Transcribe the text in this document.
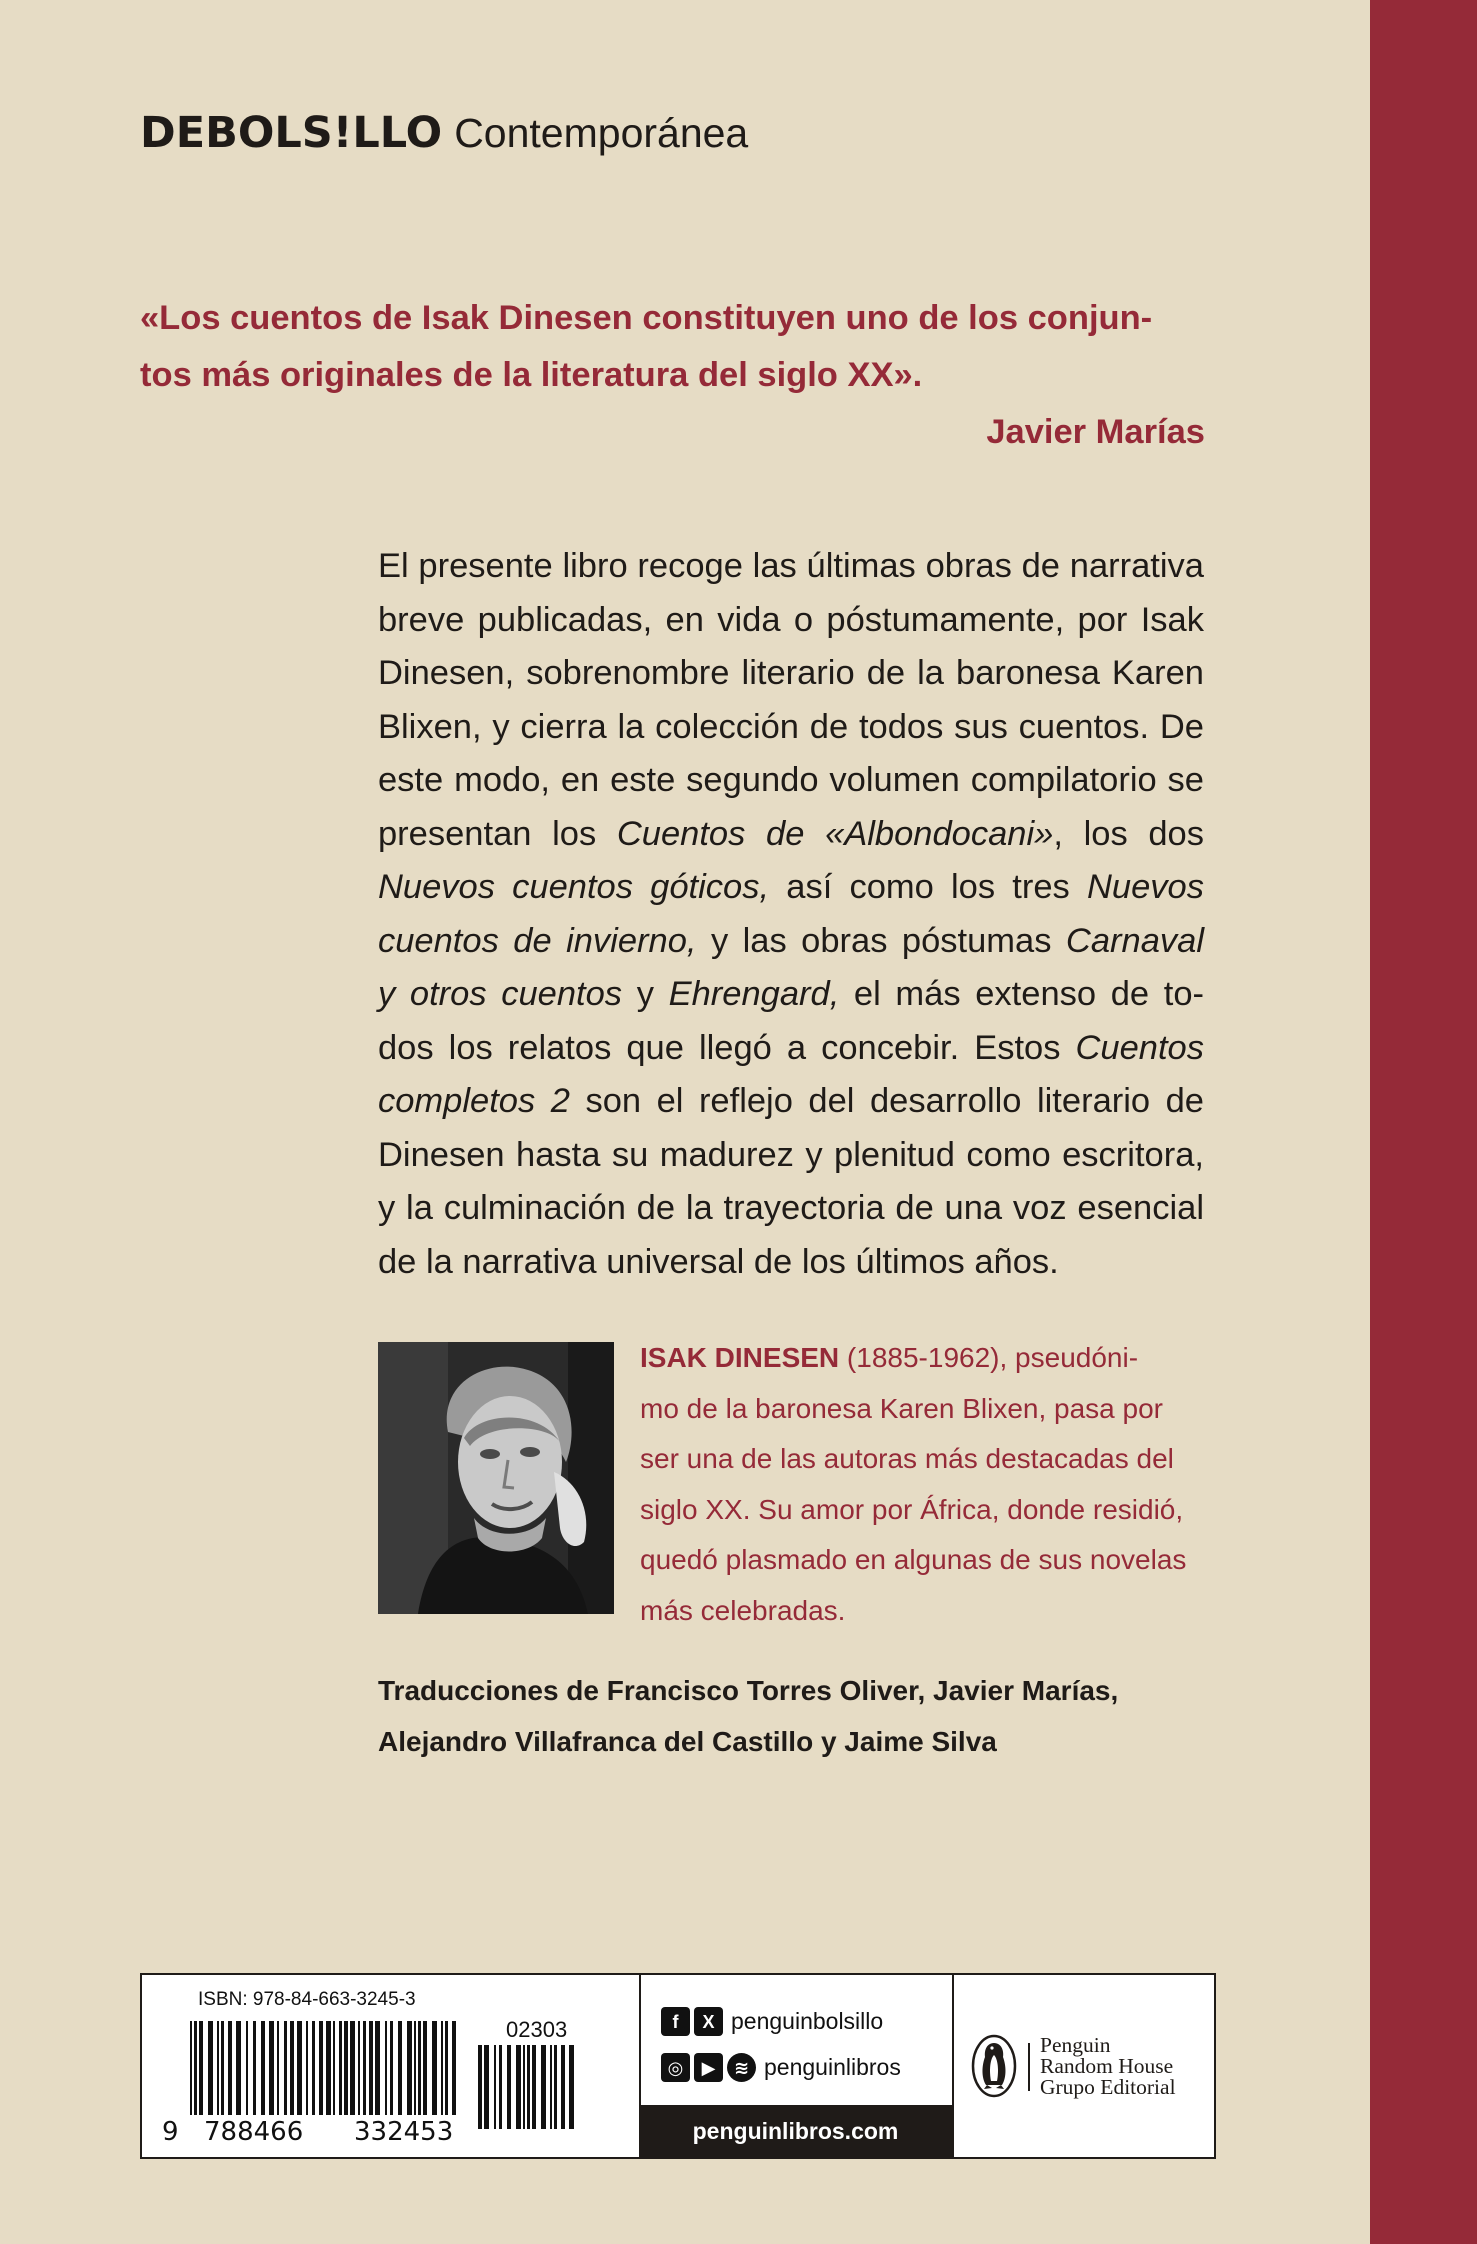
DEBOLS!LLO Contemporánea
«Los cuentos de Isak Dinesen constituyen uno de los conjun-
tos más originales de la literatura del siglo XX».
Javier Marías
El presente libro recoge las últimas obras de narrativa
breve publicadas, en vida o póstumamente, por Isak
Dinesen, sobrenombre literario de la baronesa Karen
Blixen, y cierra la colección de todos sus cuentos. De
este modo, en este segundo volumen compilatorio se
presentan los Cuentos de «Albondocani», los dos
Nuevos cuentos góticos, así como los tres Nuevos
cuentos de invierno, y las obras póstumas Carnaval
y otros cuentos y Ehrengard, el más extenso de to-
dos los relatos que llegó a concebir. Estos Cuentos
completos 2 son el reflejo del desarrollo literario de
Dinesen hasta su madurez y plenitud como escritora,
y la culminación de la trayectoria de una voz esencial
de la narrativa universal de los últimos años.
ISAK DINESEN (1885-1962), pseudóni-
mo de la baronesa Karen Blixen, pasa por
ser una de las autoras más destacadas del
siglo XX. Su amor por África, donde residió,
quedó plasmado en algunas de sus novelas
más celebradas.
Traducciones de Francisco Torres Oliver, Javier Marías,
Alejandro Villafranca del Castillo y Jaime Silva
ISBN: 978-84-663-3245-3
02303
9 788466 332453
f	X penguinbolsillo
◎	▶	≋ penguinlibros
penguinlibros.com
Penguin
Random House
Grupo Editorial
